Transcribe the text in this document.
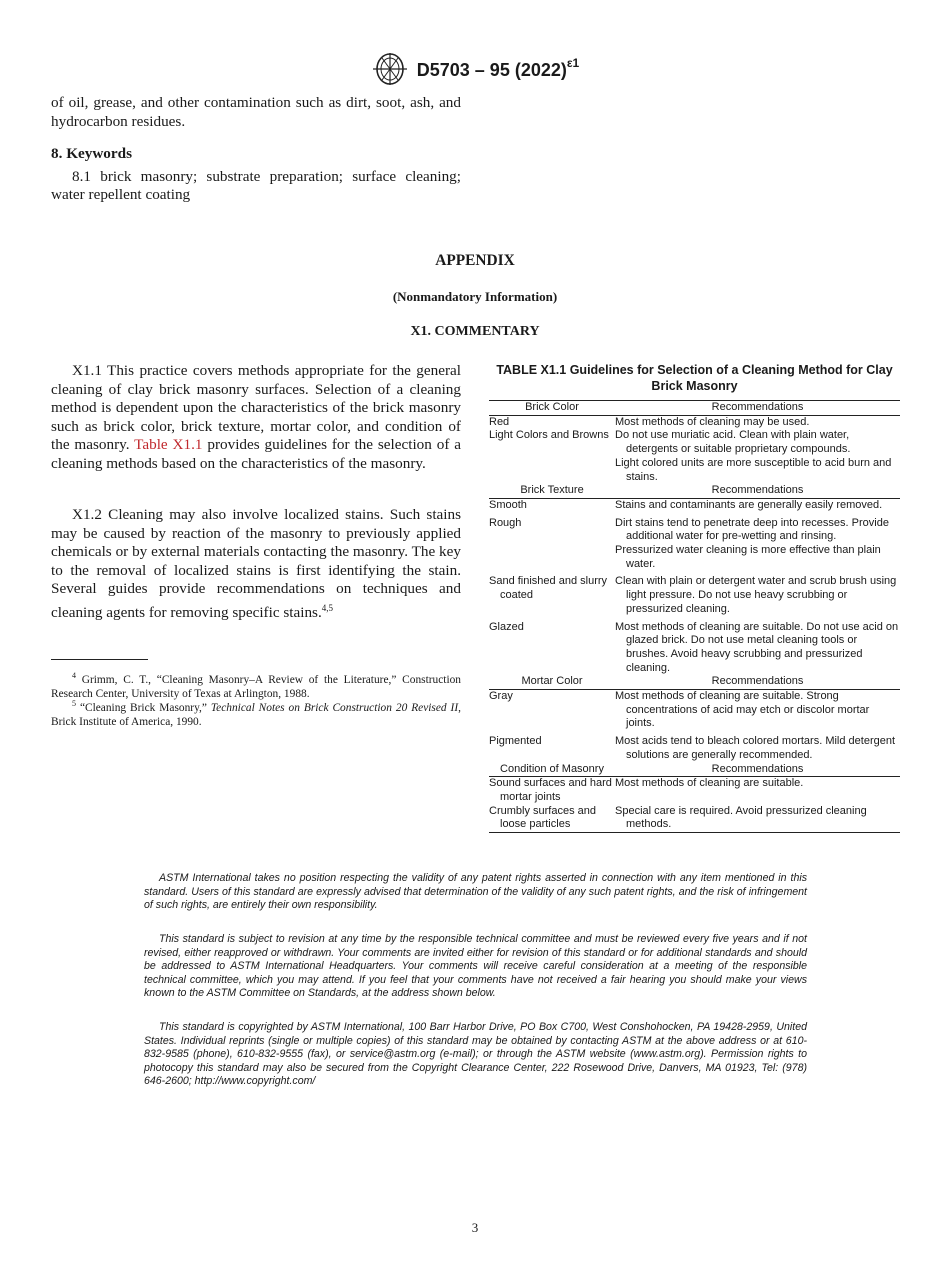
D5703 – 95 $(2022)^{\varepsilon 1}$
of oil, grease, and other contamination such as dirt, soot, ash, and hydrocarbon residues.
8. Keywords
8.1 brick masonry; substrate preparation; surface cleaning; water repellent coating
APPENDIX
(Nonmandatory Information)
X1. COMMENTARY
X1.1 This practice covers methods appropriate for the general cleaning of clay brick masonry surfaces. Selection of a cleaning method is dependent upon the characteristics of the brick masonry such as brick color, brick texture, mortar color, and condition of the masonry. Table X1.1 provides guidelines for the selection of a cleaning methods based on the characteristics of the masonry.
X1.2 Cleaning may also involve localized stains. Such stains may be caused by reaction of the masonry to previously applied chemicals or by external materials contacting the masonry. The key to the removal of localized stains is first identifying the stain. Several guides provide recommendations on techniques and cleaning agents for removing specific stains.$^{4,5}$
$^4$ Grimm, C. T., “Cleaning Masonry–A Review of the Literature,” Construction Research Center, University of Texas at Arlington, 1988.
$^5$ “Cleaning Brick Masonry,” Technical Notes on Brick Construction 20 Revised II, Brick Institute of America, 1990.
TABLE X1.1 Guidelines for Selection of a Cleaning Method for Clay Brick Masonry
Brick Color	Recommendations
Red	Most methods of cleaning may be used.

Light Colors and Browns	Do not use muriatic acid. Clean with plain water, detergents or suitable proprietary compounds.
Light colored units are more susceptible to acid burn and stains.

Brick Texture	Recommendations
Smooth	Stains and contaminants are generally easily removed.

Rough	Dirt stains tend to penetrate deep into recesses. Provide additional water for pre-wetting and rinsing.
Pressurized water cleaning is more effective than plain water.

Sand finished and slurry coated	Clean with plain or detergent water and scrub brush using light pressure. Do not use heavy scrubbing or pressurized cleaning.

Glazed	Most methods of cleaning are suitable. Do not use acid on glazed brick. Do not use metal cleaning tools or brushes. Avoid heavy scrubbing and pressurized cleaning.

Mortar Color	Recommendations
Gray	Most methods of cleaning are suitable. Strong concentrations of acid may etch or discolor mortar joints.

Pigmented	Most acids tend to bleach colored mortars. Mild detergent solutions are generally recommended.

Condition of Masonry	Recommendations

Sound surfaces and hard mortar joints	Most methods of cleaning are suitable.

Crumbly surfaces and loose particles	Special care is required. Avoid pressurized cleaning methods.
ASTM International takes no position respecting the validity of any patent rights asserted in connection with any item mentioned in this standard. Users of this standard are expressly advised that determination of the validity of any such patent rights, and the risk of infringement of such rights, are entirely their own responsibility.
This standard is subject to revision at any time by the responsible technical committee and must be reviewed every five years and if not revised, either reapproved or withdrawn. Your comments are invited either for revision of this standard or for additional standards and should be addressed to ASTM International Headquarters. Your comments will receive careful consideration at a meeting of the responsible technical committee, which you may attend. If you feel that your comments have not received a fair hearing you should make your views known to the ASTM Committee on Standards, at the address shown below.
This standard is copyrighted by ASTM International, 100 Barr Harbor Drive, PO Box C700, West Conshohocken, PA 19428-2959, United States. Individual reprints (single or multiple copies) of this standard may be obtained by contacting ASTM at the above address or at 610-832-9585 (phone), 610-832-9555 (fax), or service@astm.org (e-mail); or through the ASTM website (www.astm.org). Permission rights to photocopy this standard may also be secured from the Copyright Clearance Center, 222 Rosewood Drive, Danvers, MA 01923, Tel: (978) 646-2600; http://www.copyright.com/
3
